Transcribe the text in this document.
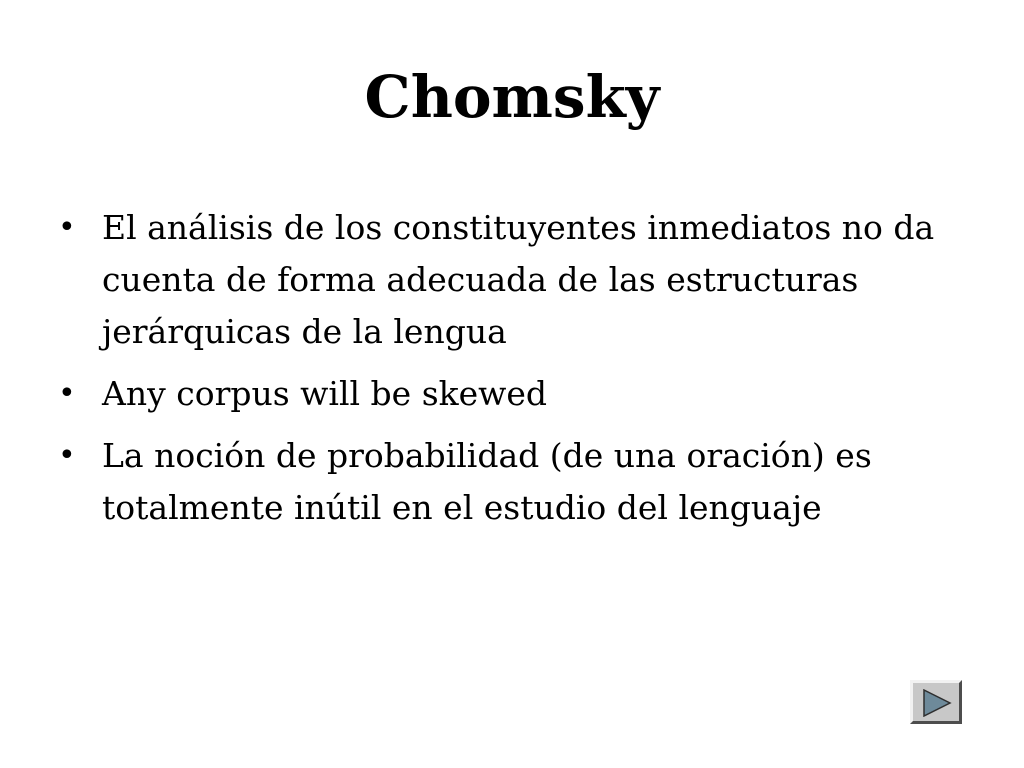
Chomsky
• El análisis de los constituyentes inmediatos no da cuenta de forma adecuada de las estructuras jerárquicas de la lengua
• Any corpus will be skewed
• La noción de probabilidad (de una oración) es totalmente inútil en el estudio del lenguaje
